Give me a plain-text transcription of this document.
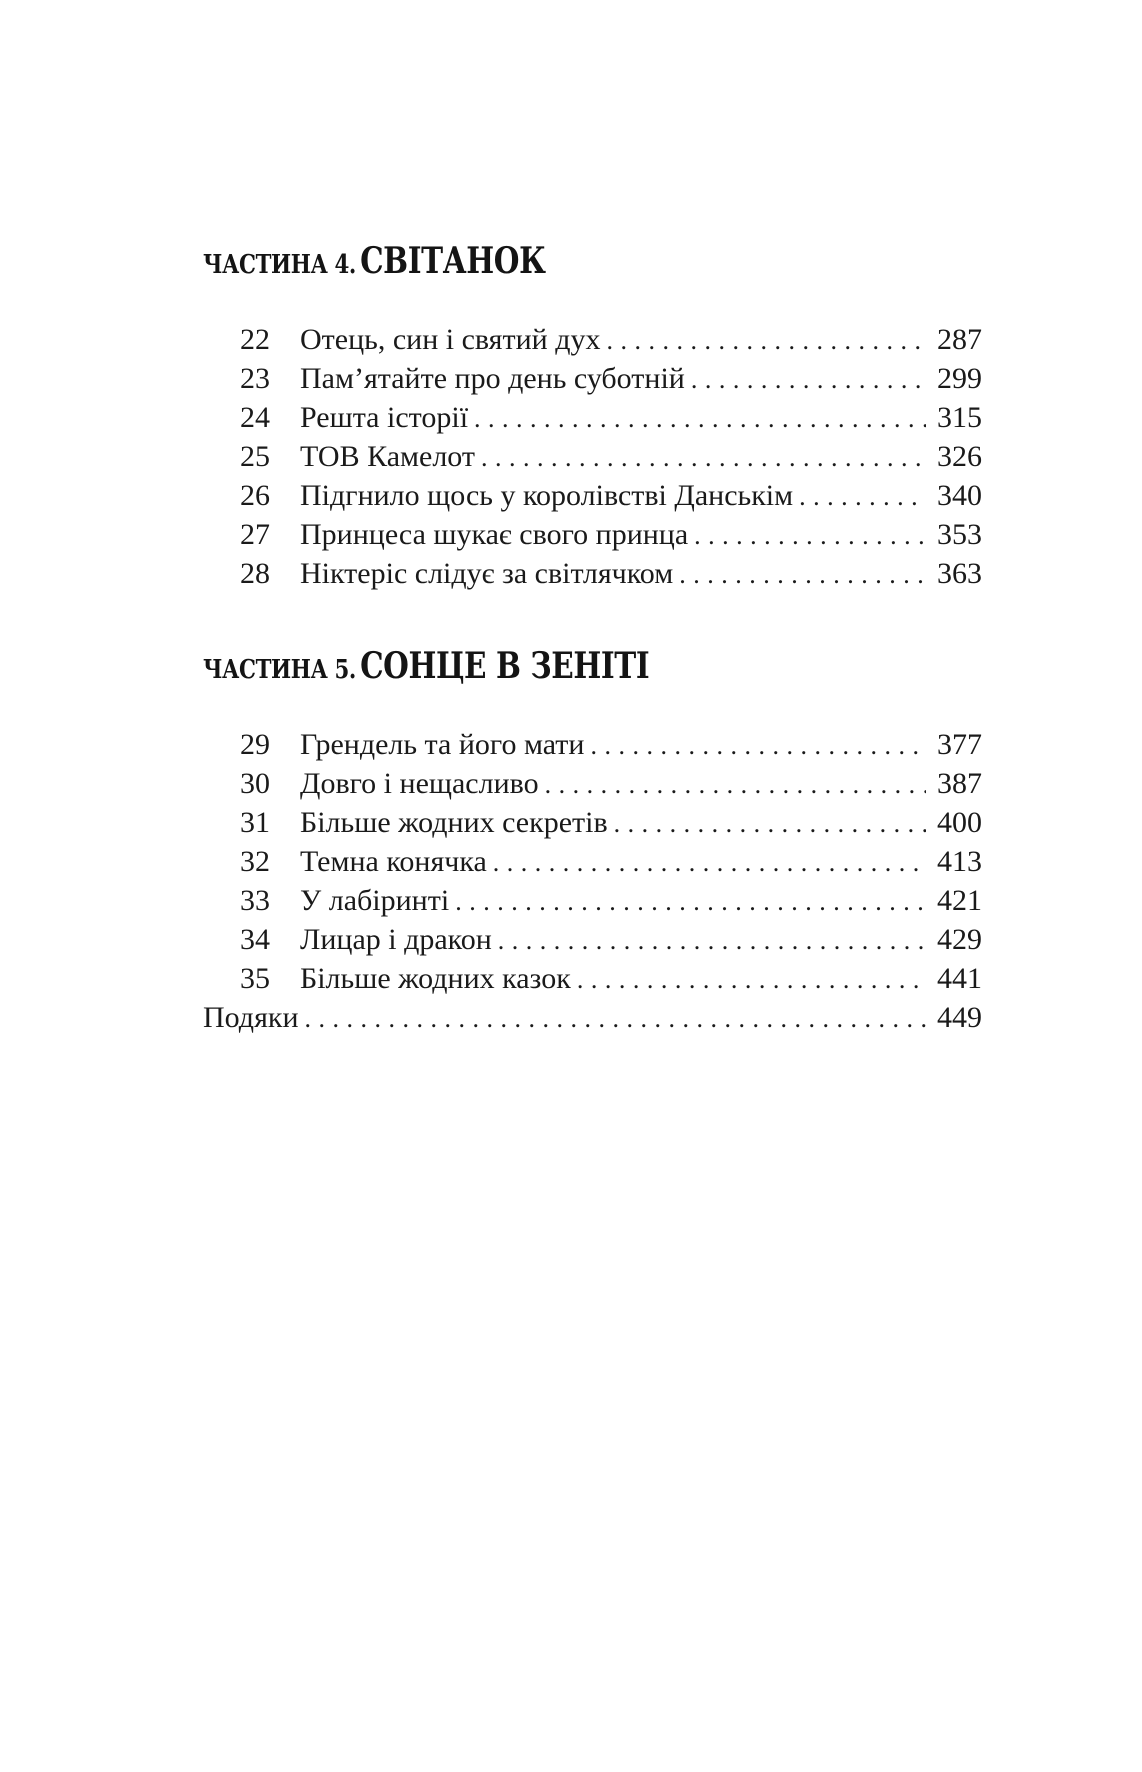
ЧАСТИНА 4. СВІТАНОК
22	Отець, син і святий дух . . .	287
23	Пам’ятайте про день суботній . . .	299
24	Решта історії . . .	315
25	ТОВ Камелот . . .	326
26	Підгнило щось у королівстві Данськім . . .	340
27	Принцеса шукає свого принца . . .	353
28	Ніктеріс слідує за світлячком . . .	363
ЧАСТИНА 5. СОНЦЕ В ЗЕНІТІ
29	Грендель та його мати . . .	377
30	Довго і нещасливо . . .	387
31	Більше жодних секретів . . .	400
32	Темна конячка . . .	413
33	У лабіринті . . .	421
34	Лицар і дракон . . .	429
35	Більше жодних казок . . .	441
Подяки . . .	449
